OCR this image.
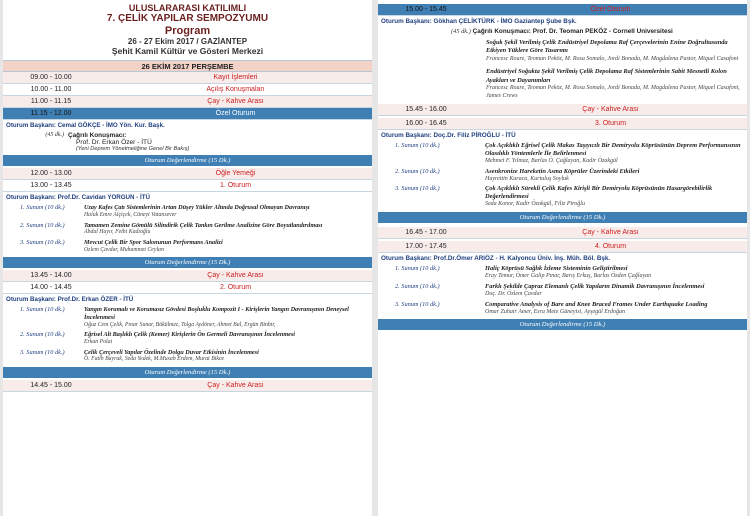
ULUSLARARASI KATILIMLI
7. ÇELİK YAPILAR SEMPOZYUMU
Program
26 - 27 Ekim 2017 / GAZİANTEP
Şehit Kamil Kültür ve Gösteri Merkezi
26 EKİM 2017 PERŞEMBE
09.00 - 10.00	Kayıt İşlemleri
10.00 - 11.00	Açılış Konuşmaları
11.00 - 11.15	Çay - Kahve Arası
11.15 - 12.00	Özel Oturum
Oturum Başkanı: Cemal GÖKÇE - İMO Yön. Kur. Başk.
(45 dk.) Çağrılı Konuşmacı:
Prof. Dr. Erkan Özer - İTÜ
(Yeni Deprem Yönetmeliğine Genel Bir Bakış)
Oturum Değerlendirme (15 Dk.)
12.00 - 13.00	Öğle Yemeği
13.00 - 13.45	1. Oturum
Oturum Başkanı: Prof.Dr. Cavidan YORGUN - İTÜ
1. Sunum (10 dk.)	Uzay Kafes Çatı Sistemlerinin Artan Düşey Yükler Altında Doğrusal Olmayan Davranışı
Haluk Emre Alçiçek, Cüneyt Vatansever
2. Sunum (10 dk.)	Tamamen Zemine Gömülü Silindirik Çelik Tankın Gerilme Analizine Göre Boyutlandırılması
Abdul Hayır, Fethi Kadıoğlu
3. Sunum (10 dk.)	Mevcut Çelik Bir Spor Salonunun Performans Analizi
Özlem Çavdar, Muhammet Ceylan
Oturum Değerlendirme (15 Dk.)
13.45 - 14.00	Çay - Kahve Arası
14.00 - 14.45	2. Oturum
Oturum Başkanı: Prof.Dr. Erkan ÖZER - İTÜ
1. Sunum (10 dk.)	Yangın Korumalı ve Korumasız Gövdesi Boşluklu Kompozit I - Kirişlerin Yangın Davranışının Deneysel İncelenmesi
Oğuz Cem Çelik, Pınar Sunar, Bükülmez, Tolga Aydöner, Ahmet Bal, Ergün Binbir,
2. Sunum (10 dk.)	Eğrisel Alt Başlıklı Çelik (Kemer) Kirişlerin Ön Germeli Davranışının İncelenmesi
Erkan Polat
3. Sunum (10 dk.)	Çelik Çerçeveli Yapılar Özelinde Dolgu Duvar Etkisinin İncelenmesi
O. Fatih Bayrak, Seda Yedek, M.Musab Erdem, Murat Bikce
Oturum Değerlendirme (15 Dk.)
14.45 - 15.00	Çay - Kahve Arası
15.00 - 15.45	Özel Oturum
Oturum Başkanı: Gökhan ÇELİKTÜRK - İMO Gaziantep Şube Bşk.
(45 dk.) Çağrılı Konuşmacı: Prof. Dr. Teoman PEKÖZ - Cornell Universitesi
Soğuk Şekil Verilmiş Çelik Endüstriyel Depolama Raf Çerçevelerinin Enine Doğrultusunda Etkiyen Yüklere Göre Tasarımı
Francesc Roure, Teoman Peköz, M. Rosa Somalo, Jordi Bonada, M. Magdalena Pastor, Miquel Casafont
Endüstriyel Soğukta Şekil Verilmiş Çelik Depolama Raf Sistemlerinin Sabit Mesnetli Kolon Ayakları ve Dayanımları
Francesc Roure, Teoman Peköz, M. Rosa Somalo, Jordi Bonada, M. Magdalena Pastor, Miquel Casafont, James Crews
15.45 - 16.00	Çay - Kahve Arası
16.00 - 16.45	3. Oturum
Oturum Başkanı: Doç.Dr. Filiz PİROĞLU - İTÜ
1. Sunum (10 dk.)	Çok Açıklıklı Eğrisel Çelik Makas Taşıyıcılı Bir Demiryolu Köprüsünün Deprem Performansının Olasılıklı Yöntemlerle İle Belirlenmesi
Mehmet F. Yılmaz, Barlas Ö. Çağlayan, Kadir Özakgül
2. Sunum (10 dk.)	Asenkronize Hareketin Asma Köprüler Üzerindeki Etkileri
Hayrettin Karaca, Kurtuluş Soyluk
3. Sunum (10 dk.)	Çok Açıklıklı Sürekli Çelik Kafes Kirişli Bir Demiryolu Köprüsünün Hasargörebilirlik Değerlendirmesi
Seda Konor, Kadir Özakgül, Filiz Piroğlu
Oturum Değerlendirme (15 Dk.)
16.45 - 17.00	Çay - Kahve Arası
17.00 - 17.45	4. Oturum
Oturum Başkanı: Prof.Dr.Ömer ARIÖZ - H. Kalyoncu Üniv. İnş. Müh. Böl. Bşk.
1. Sunum (10 dk.)	Haliç Köprüsü Sağlık İzleme Sisteminin Geliştirilmesi
Eray Temur, Ömer Galip Pınar, Barış Erkuş, Barlas Özden Çağlayan
2. Sunum (10 dk.)	Farklı Şekilde Çapraz Elemanlı Çelik Yapıların Dinamik Davranışının İncelenmesi
Doç. Dr. Özlem Çavdar
3. Sunum (10 dk.)	Comparative Analysis of Bare and Knee Braced Frames Under Earthquake Loading
Omar Zuhair Amer, Esra Mete Güneyisi, Ayşegül Erdoğan
Oturum Değerlendirme (15 Dk.)
